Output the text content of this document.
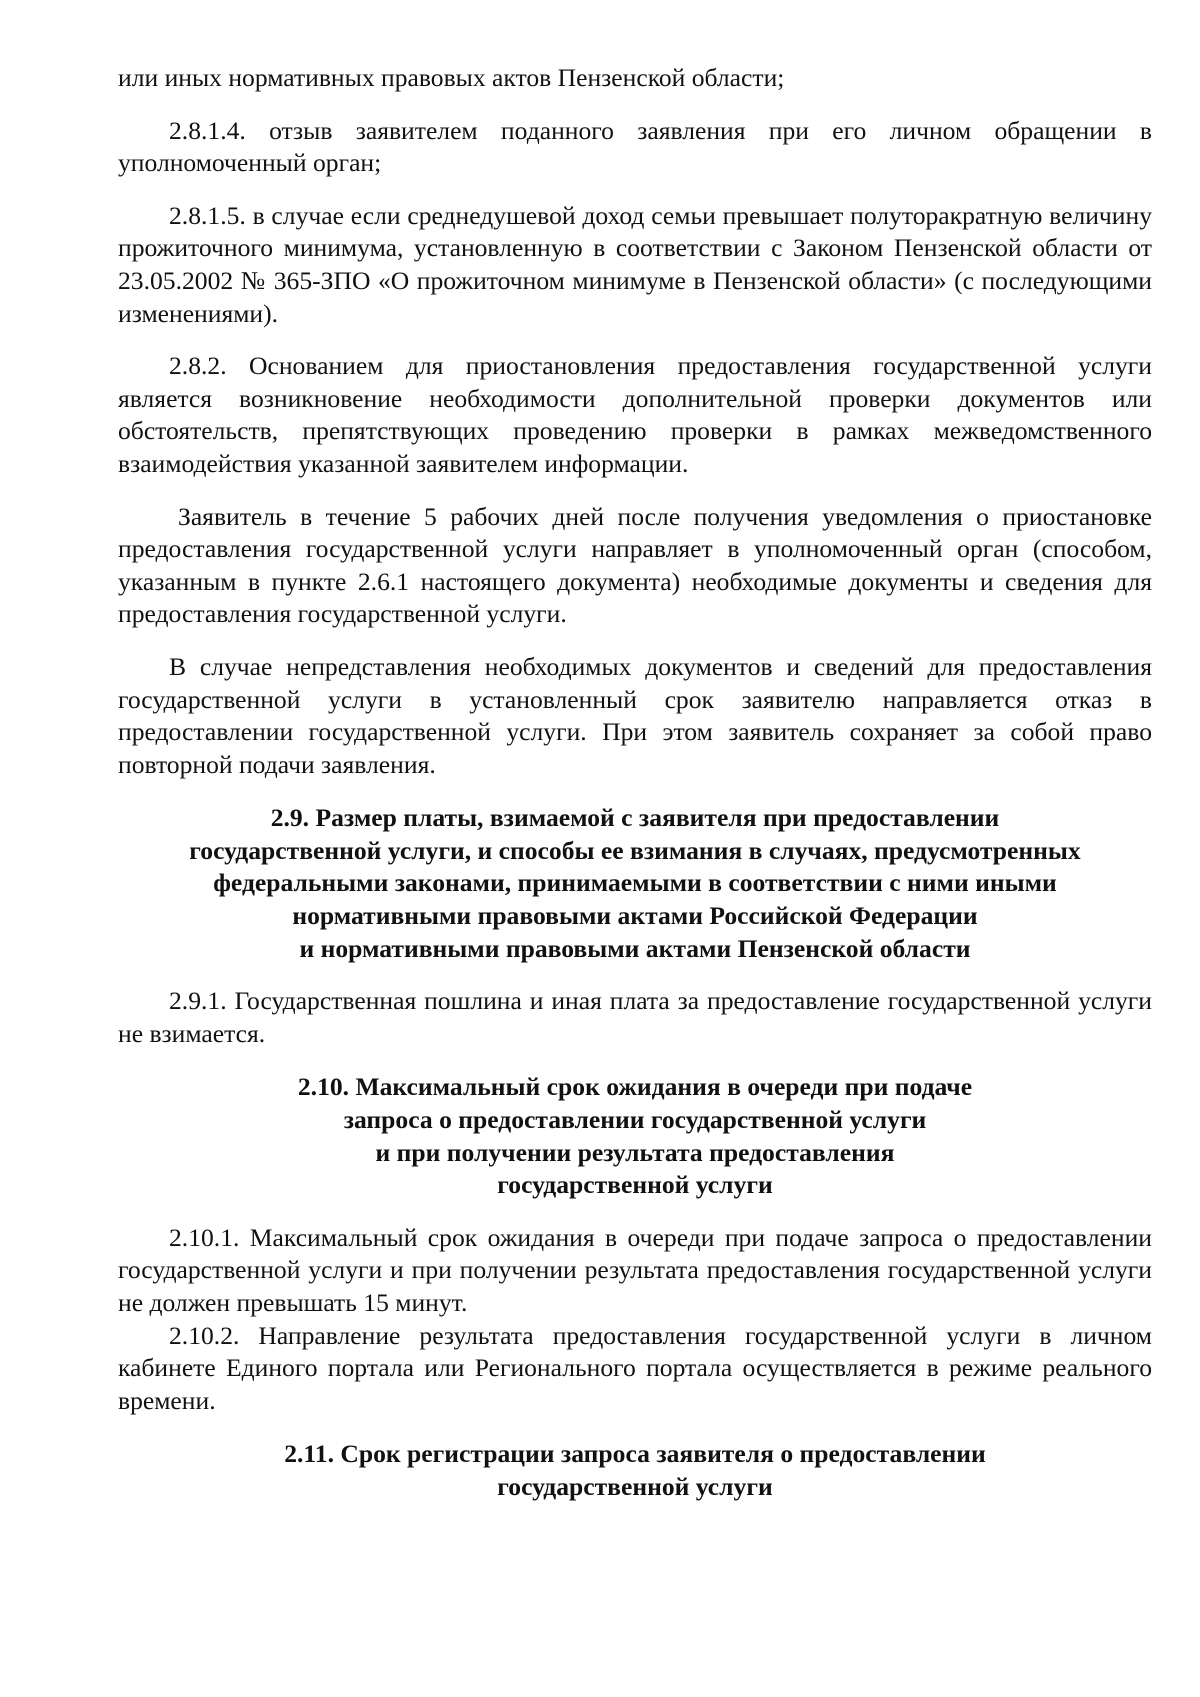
или иных нормативных правовых актов Пензенской области;

2.8.1.4. отзыв заявителем поданного заявления при его личном обращении в уполномоченный орган;

2.8.1.5. в случае если среднедушевой доход семьи превышает полуторакратную величину прожиточного минимума, установленную в соответствии с Законом Пензенской области от 23.05.2002 № 365-ЗПО «О прожиточном минимуме в Пензенской области» (с последующими изменениями).

2.8.2. Основанием для приостановления предоставления государственной услуги является возникновение необходимости дополнительной проверки документов или обстоятельств, препятствующих проведению проверки в рамках межведомственного взаимодействия указанной заявителем информации.

Заявитель в течение 5 рабочих дней после получения уведомления о приостановке предоставления государственной услуги направляет в уполномоченный орган (способом, указанным в пункте 2.6.1 настоящего документа) необходимые документы и сведения для предоставления государственной услуги.

В случае непредставления необходимых документов и сведений для предоставления государственной услуги в установленный срок заявителю направляется отказ в предоставлении государственной услуги. При этом заявитель сохраняет за собой право повторной подачи заявления.

2.9. Размер платы, взимаемой с заявителя при предоставлении
государственной услуги, и способы ее взимания в случаях, предусмотренных
федеральными законами, принимаемыми в соответствии с ними иными
нормативными правовыми актами Российской Федерации
и нормативными правовыми актами Пензенской области

2.9.1. Государственная пошлина и иная плата за предоставление государственной услуги не взимается.

2.10. Максимальный срок ожидания в очереди при подаче
запроса о предоставлении государственной услуги
и при получении результата предоставления
государственной услуги

2.10.1. Максимальный срок ожидания в очереди при подаче запроса о предоставлении государственной услуги и при получении результата предоставления государственной услуги не должен превышать 15 минут.

2.10.2. Направление результата предоставления государственной услуги в личном кабинете Единого портала или Регионального портала осуществляется в режиме реального времени.

2.11. Срок регистрации запроса заявителя о предоставлении
государственной услуги
